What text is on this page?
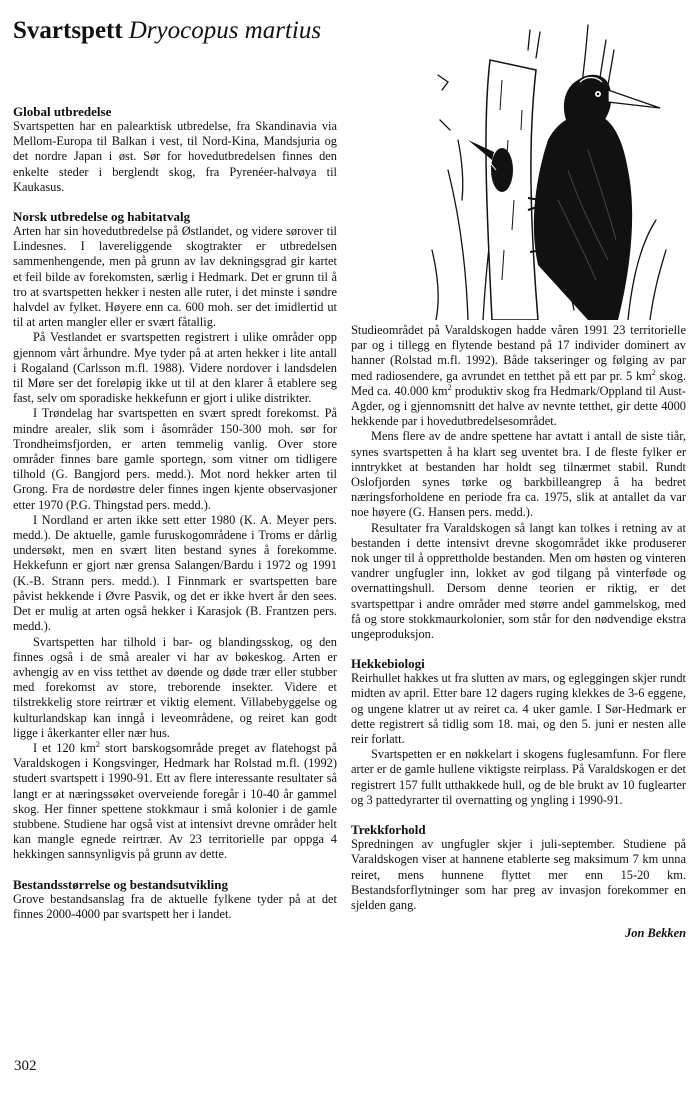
Svartspett Dryocopus martius
Global utbredelse

Svartspetten har en palearktisk utbredelse, fra Skandinavia via Mellom-Europa til Balkan i vest, til Nord-Kina, Mandsjuria og det nordre Japan i øst. Sør for hovedutbredelsen finnes den enkelte steder i berglendt skog, fra Pyrenéer-halvøya til Kaukasus.

Norsk utbredelse og habitatvalg

Arten har sin hovedutbredelse på Østlandet, og videre sørover til Lindesnes. I lavereliggende skogtrakter er utbredelsen sammenhengende, men på grunn av lav dekningsgrad gir kartet et feil bilde av forekomsten, særlig i Hedmark. Det er grunn til å tro at svartspetten hekker i nesten alle ruter, i det minste i søndre halvdel av fylket. Høyere enn ca. 600 moh. ser det imidlertid ut til at arten mangler eller er svært fåtallig.

På Vestlandet er svartspetten registrert i ulike områder opp gjennom vårt århundre. Mye tyder på at arten hekker i lite antall i Rogaland (Carlsson m.fl. 1988). Videre nordover i landsdelen til Møre ser det foreløpig ikke ut til at den klarer å etablere seg fast, selv om sporadiske hekkefunn er gjort i ulike distrikter.

I Trøndelag har svartspetten en svært spredt forekomst. På mindre arealer, slik som i åsområder 150-300 moh. sør for Trondheimsfjorden, er arten temmelig vanlig. Over store områder finnes bare gamle sportegn, som vitner om tidligere tilhold (G. Bangjord pers. medd.). Mot nord hekker arten til Grong. Fra de nordøstre deler finnes ingen kjente observasjoner etter 1970 (P.G. Thingstad pers. medd.).

I Nordland er arten ikke sett etter 1980 (K. A. Meyer pers. medd.). De aktuelle, gamle furuskogområdene i Troms er dårlig undersøkt, men en svært liten bestand synes å forekomme. Hekkefunn er gjort nær grensa Salangen/Bardu i 1972 og 1991 (K.-B. Strann pers. medd.). I Finnmark er svartspetten bare påvist hekkende i Øvre Pasvik, og det er ikke hvert år den sees. Det er mulig at arten også hekker i Karasjok (B. Frantzen pers. medd.).

Svartspetten har tilhold i bar- og blandingsskog, og den finnes også i de små arealer vi har av bøkeskog. Arten er avhengig av en viss tetthet av døende og døde trær eller stubber med forekomst av store, treborende insekter. Videre et tilstrekkelig store reirtrær et viktig element. Villabebyggelse og kulturlandskap kan inngå i leveområdene, og reiret kan godt ligge i åkerkanter eller nær hus.

I et 120 $km^2$ stort barskogsområde preget av flatehogst på Varaldskogen i Kongsvinger, Hedmark har Rolstad m.fl. (1992) studert svartspett i 1990-91. Ett av flere interessante resultater så langt er at næringssøket overveiende foregår i 10-40 år gammel skog. Her finner spettene stokkmaur i små kolonier i de gamle stubbene. Studiene har også vist at intensivt drevne områder helt kan mangle egnede reirtrær. Av 23 territorielle par oppga 4 hekkingen sannsynligvis på grunn av dette.

Bestandsstørrelse og bestandsutvikling

Grove bestandsanslag fra de aktuelle fylkene tyder på at det finnes 2000-4000 par svartspett her i landet.

Studieområdet på Varaldskogen hadde våren 1991 23 territorielle par og i tillegg en flytende bestand på 17 individer dominert av hanner (Rolstad m.fl. 1992). Både takseringer og følging av par med radiosendere, ga avrundet en tetthet på ett par pr. 5 $km^2$ skog. Med ca. 40.000 $km^2$ produktiv skog fra Hedmark/Oppland til Aust-Agder, og i gjennomsnitt det halve av nevnte tetthet, gir dette 4000 hekkende par i hovedutbredelsesområdet.

Mens flere av de andre spettene har avtatt i antall de siste tiår, synes svartspetten å ha klart seg uventet bra. I de fleste fylker er inntrykket at bestanden har holdt seg tilnærmet stabil. Rundt Oslofjorden synes tørke og barkbilleangrep å ha bedret næringsforholdene en periode fra ca. 1975, slik at antallet da var noe høyere (G. Hansen pers. medd.).

Resultater fra Varaldskogen så langt kan tolkes i retning av at bestanden i dette intensivt drevne skogområdet ikke produserer nok unger til å opprettholde bestanden. Men om høsten og vinteren vandrer ungfugler inn, lokket av god tilgang på vinterføde og overnattingshull. Dersom denne teorien er riktig, er det svartspettpar i andre områder med større andel gammelskog, med få og store stokkmaurkolonier, som står for den nødvendige ekstra ungeproduksjon.

Hekkebiologi

Reirhullet hakkes ut fra slutten av mars, og egleggingen skjer rundt midten av april. Etter bare 12 dagers ruging klekkes de 3-6 eggene, og ungene klatrer ut av reiret ca. 4 uker gamle. I Sør-Hedmark er dette registrert så tidlig som 18. mai, og den 5. juni er nesten alle reir forlatt.

Svartspetten er en nøkkelart i skogens fuglesamfunn. For flere arter er de gamle hullene viktigste reirplass. På Varaldskogen er det registrert 157 fullt utthakkede hull, og de ble brukt av 10 fuglearter og 3 pattedyrarter til overnatting og yngling i 1990-91.

Trekkforhold

Spredningen av ungfugler skjer i juli-september. Studiene på Varaldskogen viser at hannene etablerte seg maksimum 7 km unna reiret, mens hunnene flyttet mer enn 15-20 km. Bestandsforflytninger som har preg av invasjon forekommer en sjelden gang.

Jon Bekken
302
